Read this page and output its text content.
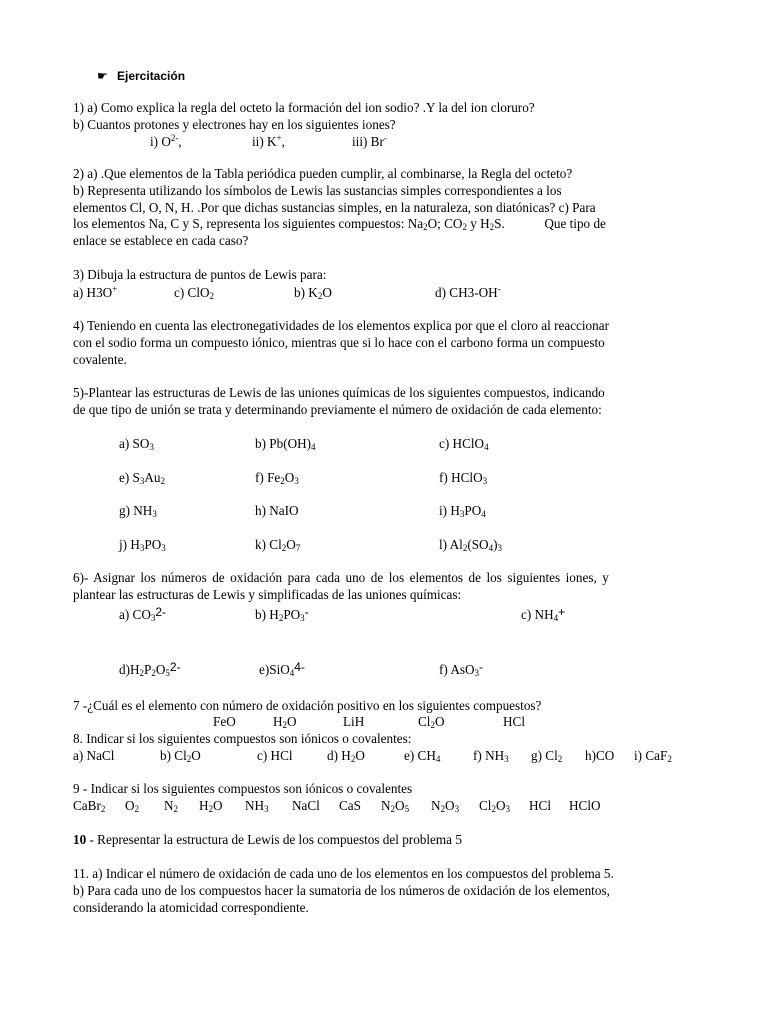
☛ Ejercitación
1) a) Como explica la regla del octeto la formación del ion sodio? .Y la del ion cloruro?
b) Cuantos protones y electrones hay en los siguientes iones?
i) $O^{2-}$,	ii) K+,	iii) Br-
2) a) .Que elementos de la Tabla periódica pueden cumplir, al combinarse, la Regla del octeto?
b) Representa utilizando los símbolos de Lewis las sustancias simples correspondientes a los
elementos Cl, O, N, H. .Por que dichas sustancias simples, en la naturaleza, son diatónicas? c) Para
los elementos Na, C y S, representa los siguientes compuestos: $Na_2O$; $CO_2$ y $H_2S$.            Que tipo de
enlace se establece en cada caso?
3) Dibuja la estructura de puntos de Lewis para:
a) H3O+	c) ClO$_2$	b) $K_2O$	d) CH3-OH-
4) Teniendo en cuenta las electronegatividades de los elementos explica por que el cloro al reaccionar
con el sodio forma un compuesto iónico, mientras que si lo hace con el carbono forma un compuesto
covalente.
5)-Plantear las estructuras de Lewis de las uniones químicas de los siguientes compuestos, indicando
de que tipo de unión se trata y determinando previamente el número de oxidación de cada elemento:
a) $SO_3$	b) $Pb(OH)_4$	c) HClO$_4$
e) $S_3Au_2$	f) $Fe_2O_3$	f) HClO$_3$
g) $NH_3$	h) NaIO	i) $H_3PO_4$
j) $H_3PO_3$	k) $Cl_2O_7$	l) $Al_2(SO_4)_3$
6)- Asignar los números de oxidación para cada uno de los elementos de los siguientes iones, y
plantear las estructuras de Lewis y simplificadas de las uniones químicas:
a) $CO_32-$	b) $H_2PO_3-$	c) $NH_4+$
$d)H_2P_2O_52-$	e)SiO$_4$4-	f) AsO$_3$-
7 -¿Cuál es el elemento con número de oxidación positivo en los siguientes compuestos?
FeO	$H_2O$	LiH	$Cl_2O$	HCl
8. Indicar si los siguientes compuestos son iónicos o covalentes:
a) NaCl	b) $Cl_2O$	c) HCl	d) $H_2O$	e) $CH_4$ f) $NH_3$ g) $Cl_2$ h)CO i) CaF$_2$
9 - Indicar si los siguientes compuestos son iónicos o covalentes
CaBr$_2$ $O_2$ $N_2$ $H_2O$ $NH_3$ NaCl CaS $N_2O_5$ $N_2O_3$ $Cl_2O_3$ HCl HClO
10 - Representar la estructura de Lewis de los compuestos del problema 5
11. a) Indicar el número de oxidación de cada uno de los elementos en los compuestos del problema 5.
b) Para cada uno de los compuestos hacer la sumatoria de los números de oxidación de los elementos,
considerando la atomicidad correspondiente.
